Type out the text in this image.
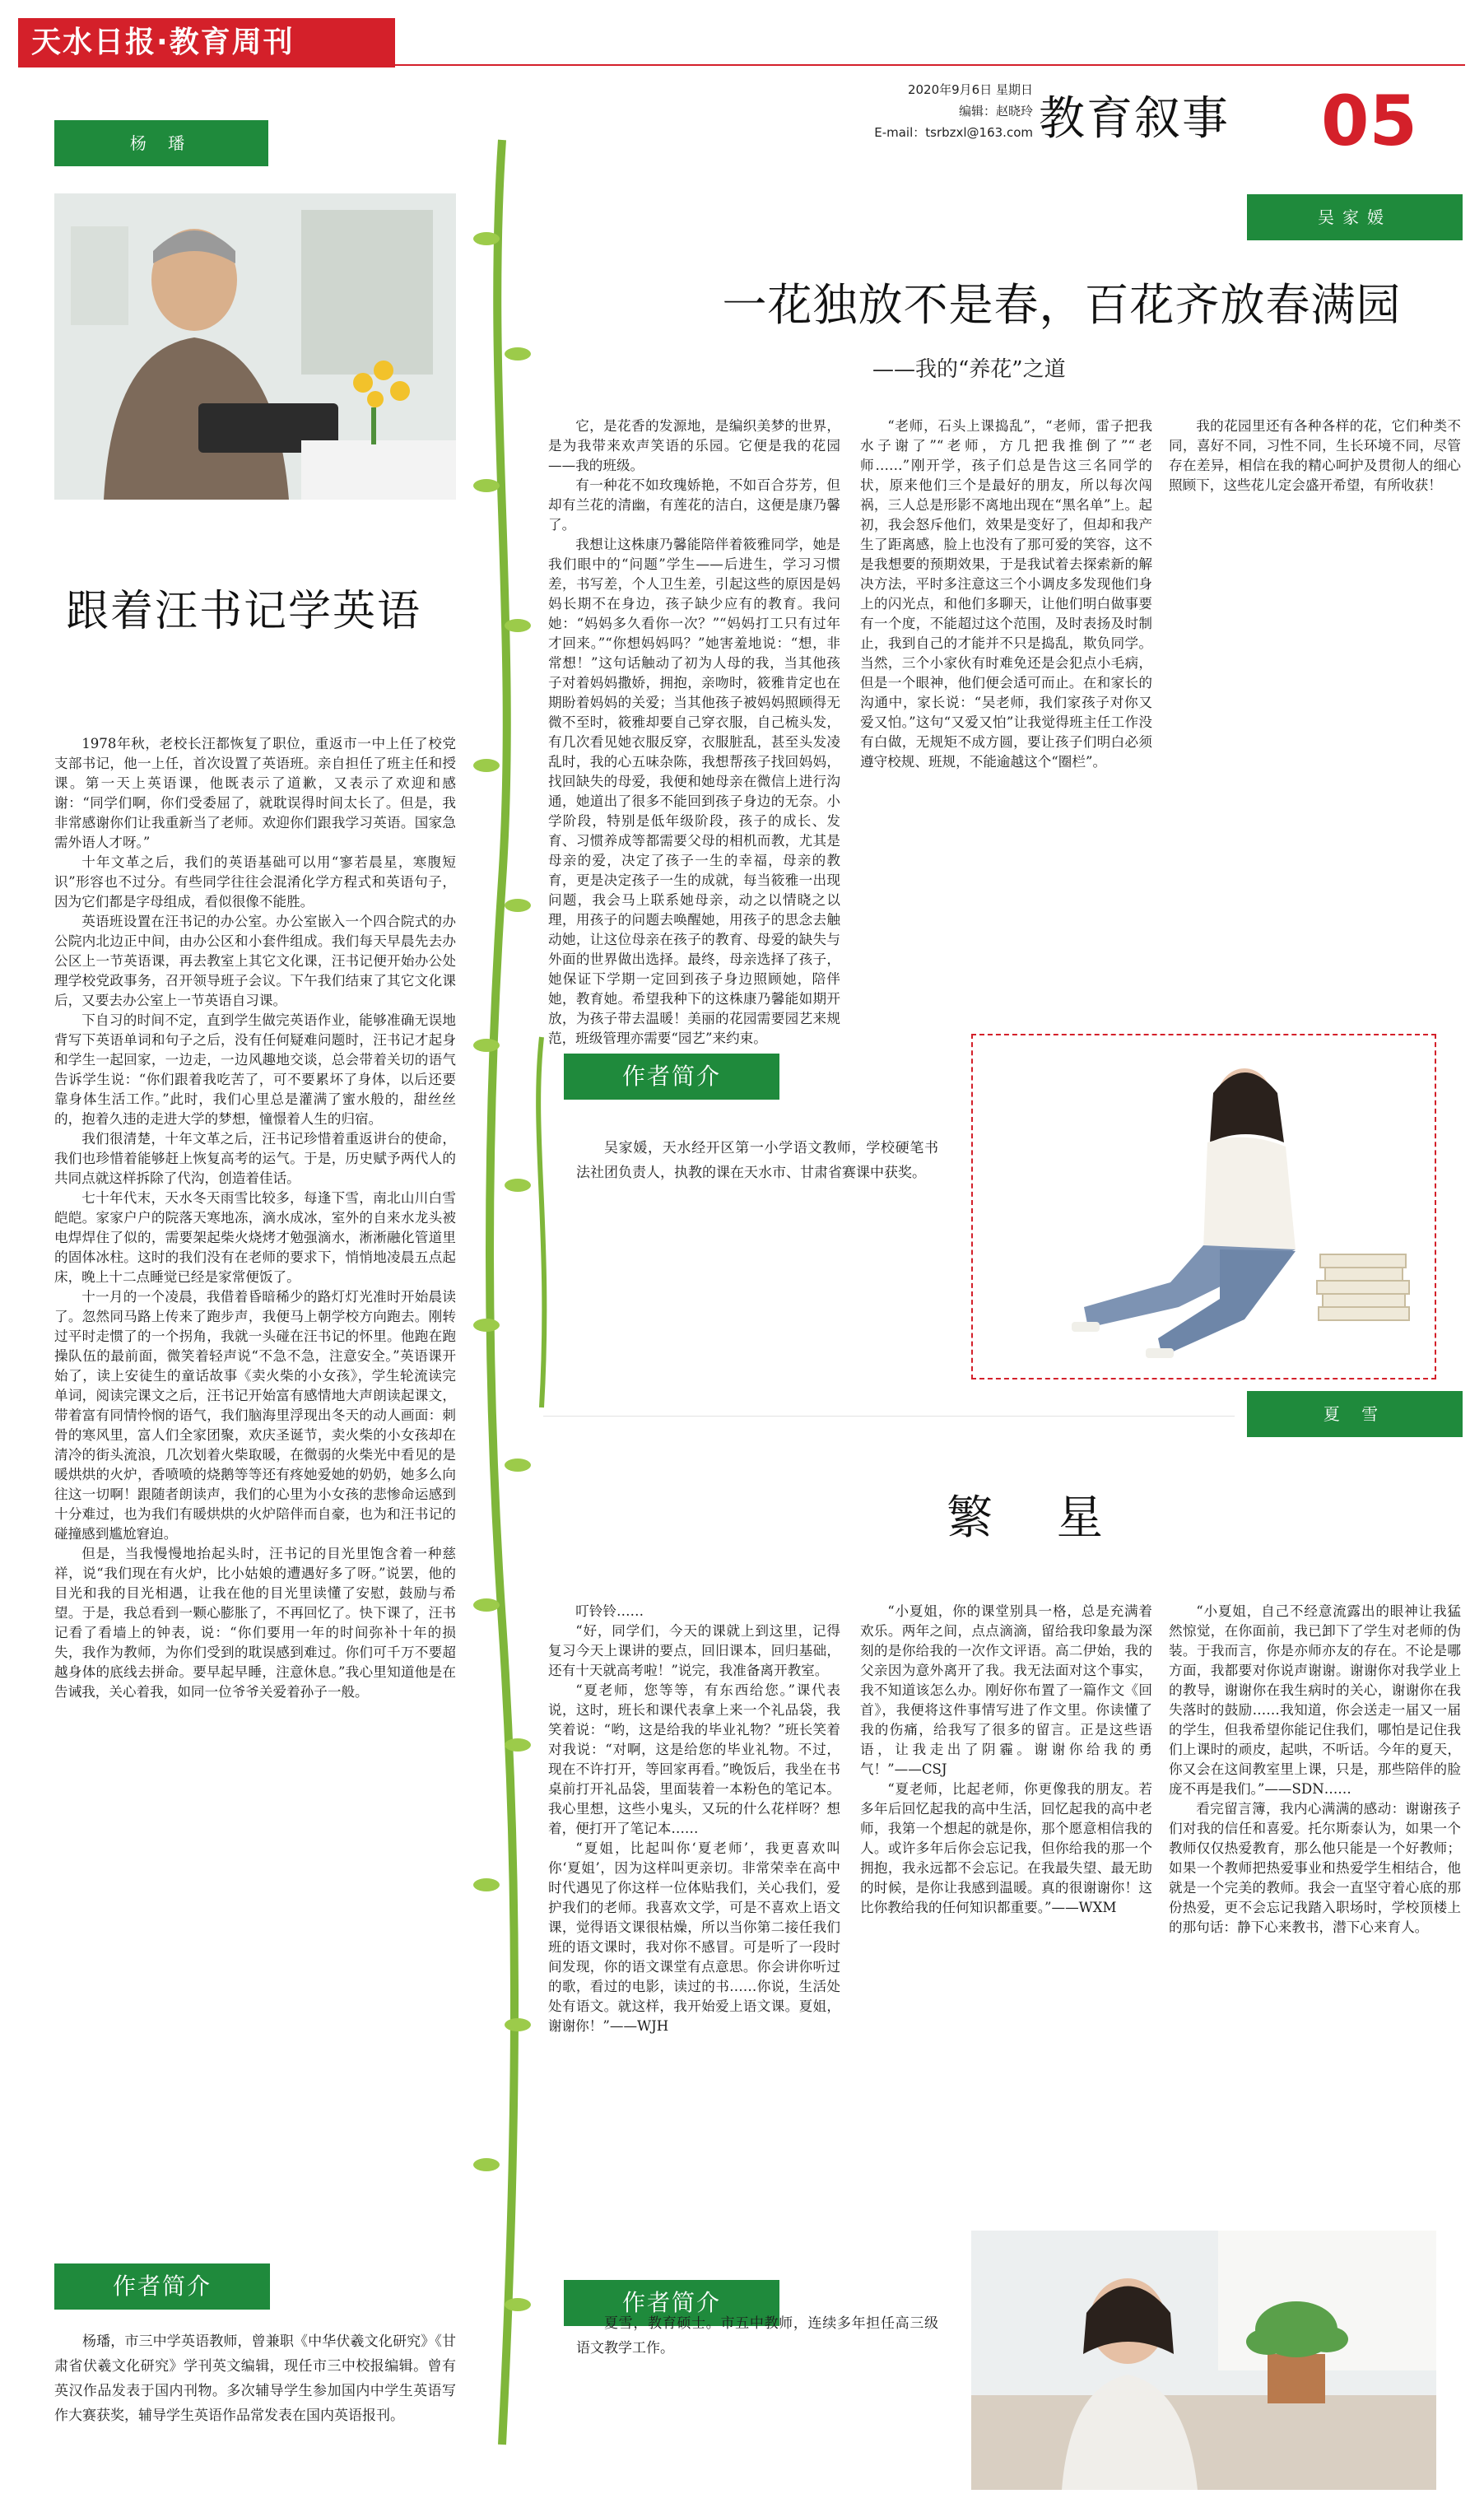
天水日报·教育周刊
2020年9月6日 星期日
编辑：赵晓玲
E-mail：tsrbzxl@163.com 教育叙事 05
杨 璠
跟着汪书记学英语

1978年秋，老校长汪都恢复了职位，重返市一中上任了校党支部书记，他一上任，首次设置了英语班。亲自担任了班主任和授课。第一天上英语课，他既表示了道歉，又表示了欢迎和感谢：“同学们啊，你们受委屈了，就耽误得时间太长了。但是，我非常感谢你们让我重新当了老师。欢迎你们跟我学习英语。国家急需外语人才呀。”

十年文革之后，我们的英语基础可以用“寥若晨星，寒腹短识”形容也不过分。有些同学往往会混淆化学方程式和英语句子，因为它们都是字母组成，看似很像不能胜。

英语班设置在汪书记的办公室。办公室嵌入一个四合院式的办公院内北边正中间，由办公区和小套件组成。我们每天早晨先去办公区上一节英语课，再去教室上其它文化课，汪书记便开始办公处理学校党政事务，召开领导班子会议。下午我们结束了其它文化课后，又要去办公室上一节英语自习课。

下自习的时间不定，直到学生做完英语作业，能够准确无误地背写下英语单词和句子之后，没有任何疑难问题时，汪书记才起身和学生一起回家，一边走，一边风趣地交谈，总会带着关切的语气告诉学生说：“你们跟着我吃苦了，可不要累坏了身体，以后还要靠身体生活工作。”此时，我们心里总是灌满了蜜水般的，甜丝丝的，抱着久违的走进大学的梦想，憧憬着人生的归宿。

我们很清楚，十年文革之后，汪书记珍惜着重返讲台的使命，我们也珍惜着能够赶上恢复高考的运气。于是，历史赋予两代人的共同点就这样拆除了代沟，创造着佳话。

七十年代末，天水冬天雨雪比较多，每逢下雪，南北山川白雪皑皑。家家户户的院落天寒地冻，滴水成冰，室外的自来水龙头被电焊焊住了似的，需要架起柴火烧烤才勉强滴水，淅淅融化管道里的固体冰柱。这时的我们没有在老师的要求下，悄悄地凌晨五点起床，晚上十二点睡觉已经是家常便饭了。

十一月的一个凌晨，我借着昏暗稀少的路灯灯光准时开始晨读了。忽然同马路上传来了跑步声，我便马上朝学校方向跑去。刚转过平时走惯了的一个拐角，我就一头碰在汪书记的怀里。他跑在跑操队伍的最前面，微笑着轻声说“不急不急，注意安全。”英语课开始了，读上安徒生的童话故事《卖火柴的小女孩》，学生轮流读完单词，阅读完课文之后，汪书记开始富有感情地大声朗读起课文，带着富有同情怜悯的语气，我们脑海里浮现出冬天的动人画面：刺骨的寒风里，富人们全家团聚，欢庆圣诞节，卖火柴的小女孩却在清冷的街头流浪，几次划着火柴取暖，在微弱的火柴光中看见的是暖烘烘的火炉，香喷喷的烧鹅等等还有疼她爱她的奶奶，她多么向往这一切啊！跟随者朗读声，我们的心里为小女孩的悲惨命运感到十分难过，也为我们有暖烘烘的火炉陪伴而自豪，也为和汪书记的碰撞感到尴尬窘迫。

但是，当我慢慢地抬起头时，汪书记的目光里饱含着一种慈祥，说“我们现在有火炉，比小姑娘的遭遇好多了呀。”说罢，他的目光和我的目光相遇，让我在他的目光里读懂了安慰，鼓励与希望。于是，我总看到一颗心膨胀了，不再回忆了。快下课了，汪书记看了看墙上的钟表，说：“你们要用一年的时间弥补十年的损失，我作为教师，为你们受到的耽误感到难过。你们可千万不要超越身体的底线去拼命。要早起早睡，注意休息。”我心里知道他是在告诫我，关心着我，如同一位爷爷关爱着孙子一般。

作者简介

杨璠，市三中学英语教师，曾兼职《中华伏羲文化研究》《甘肃省伏羲文化研究》学刊英文编辑，现任市三中校报编辑。曾有英汉作品发表于国内刊物。多次辅导学生参加国内中学生英语写作大赛获奖，辅导学生英语作品常发表在国内英语报刊。

吴家媛
一花独放不是春，百花齐放春满园
——我的“养花”之道

它，是花香的发源地，是编织美梦的世界，是为我带来欢声笑语的乐园。它便是我的花园——我的班级。

有一种花不如玫瑰娇艳，不如百合芬芳，但却有兰花的清幽，有莲花的洁白，这便是康乃馨了。

我想让这株康乃馨能陪伴着筱雅同学，她是我们眼中的“问题”学生——后进生，学习习惯差，书写差，个人卫生差，引起这些的原因是妈妈长期不在身边，孩子缺少应有的教育。我问她：“妈妈多久看你一次？”“妈妈打工只有过年才回来。”“你想妈妈吗？”她害羞地说：“想，非常想！”这句话触动了初为人母的我，当其他孩子对着妈妈撒娇，拥抱，亲吻时，筱雅肯定也在期盼着妈妈的关爱；当其他孩子被妈妈照顾得无微不至时，筱雅却要自己穿衣服，自己梳头发，有几次看见她衣服反穿，衣服脏乱，甚至头发凌乱时，我的心五味杂陈，我想帮孩子找回妈妈，找回缺失的母爱，我便和她母亲在微信上进行沟通，她道出了很多不能回到孩子身边的无奈。小学阶段，特别是低年级阶段，孩子的成长、发育、习惯养成等都需要父母的相机而教，尤其是母亲的爱，决定了孩子一生的幸福，母亲的教育，更是决定孩子一生的成就，每当筱雅一出现问题，我会马上联系她母亲，动之以情晓之以理，用孩子的问题去唤醒她，用孩子的思念去触动她，让这位母亲在孩子的教育、母爱的缺失与外面的世界做出选择。最终，母亲选择了孩子，她保证下学期一定回到孩子身边照顾她，陪伴她，教育她。希望我种下的这株康乃馨能如期开放，为孩子带去温暖！美丽的花园需要园艺来规范，班级管理亦需要“园艺”来约束。

“老师，石头上课捣乱”，“老师，雷子把我水子谢了”“老师，方几把我推倒了”“老师……”刚开学，孩子们总是告这三名同学的状，原来他们三个是最好的朋友，所以每次闯祸，三人总是形影不离地出现在“黑名单”上。起初，我会怒斥他们，效果是变好了，但却和我产生了距离感，脸上也没有了那可爱的笑容，这不是我想要的预期效果，于是我试着去探索新的解决方法，平时多注意这三个小调皮多发现他们身上的闪光点，和他们多聊天，让他们明白做事要有一个度，不能超过这个范围，及时表扬及时制止，我到自己的才能并不只是捣乱，欺负同学。当然，三个小家伙有时难免还是会犯点小毛病，但是一个眼神，他们便会适可而止。在和家长的沟通中，家长说：“吴老师，我们家孩子对你又爱又怕。”这句“又爱又怕”让我觉得班主任工作没有白做，无规矩不成方圆，要让孩子们明白必须遵守校规、班规，不能逾越这个“圈栏”。

我的花园里还有各种各样的花，它们种类不同，喜好不同，习性不同，生长环境不同，尽管存在差异，相信在我的精心呵护及贯彻人的细心照顾下，这些花儿定会盛开希望，有所收获！

作者简介

吴家媛，天水经开区第一小学语文教师，学校硬笔书法社团负责人，执教的课在天水市、甘肃省赛课中获奖。

夏 雪
繁 星

叮铃铃……

“好，同学们，今天的课就上到这里，记得复习今天上课讲的要点，回旧课本，回归基础，还有十天就高考啦！”说完，我准备离开教室。

“夏老师，您等等，有东西给您。”课代表说，这时，班长和课代表拿上来一个礼品袋，我笑着说：“哟，这是给我的毕业礼物？”班长笑着对我说：“对啊，这是给您的毕业礼物。不过，现在不许打开，等回家再看。”晚饭后，我坐在书桌前打开礼品袋，里面装着一本粉色的笔记本。我心里想，这些小鬼头，又玩的什么花样呀？想着，便打开了笔记本……

“夏姐，比起叫你‘夏老师’，我更喜欢叫你‘夏姐’，因为这样叫更亲切。非常荣幸在高中时代遇见了你这样一位体贴我们，关心我们，爱护我们的老师。我喜欢文学，可是不喜欢上语文课，觉得语文课很枯燥，所以当你第二接任我们班的语文课时，我对你不感冒。可是听了一段时间发现，你的语文课堂有点意思。你会讲你听过的歌，看过的电影，读过的书……你说，生活处处有语文。就这样，我开始爱上语文课。夏姐，谢谢你！”——WJH

“小夏姐，你的课堂别具一格，总是充满着欢乐。两年之间，点点滴滴，留给我印象最为深刻的是你给我的一次作文评语。高二伊始，我的父亲因为意外离开了我。我无法面对这个事实，我不知道该怎么办。刚好你布置了一篇作文《回首》，我便将这件事情写进了作文里。你读懂了我的伤痛，给我写了很多的留言。正是这些语语，让我走出了阴霾。谢谢你给我的勇气！”——CSJ

“夏老师，比起老师，你更像我的朋友。若多年后回忆起我的高中生活，回忆起我的高中老师，我第一个想起的就是你，那个愿意相信我的人。或许多年后你会忘记我，但你给我的那一个拥抱，我永远都不会忘记。在我最失望、最无助的时候，是你让我感到温暖。真的很谢谢你！这比你教给我的任何知识都重要。”——WXM

“小夏姐，自己不经意流露出的眼神让我猛然惊觉，在你面前，我已卸下了学生对老师的伪装。于我而言，你是亦师亦友的存在。不论是哪方面，我都要对你说声谢谢。谢谢你对我学业上的教导，谢谢你在我生病时的关心，谢谢你在我失落时的鼓励……我知道，你会送走一届又一届的学生，但我希望你能记住我们，哪怕是记住我们上课时的顽皮，起哄，不听话。今年的夏天，你又会在这间教室里上课，只是，那些陪伴的脸庞不再是我们。”——SDN……

看完留言簿，我内心满满的感动：谢谢孩子们对我的信任和喜爱。托尔斯泰认为，如果一个教师仅仅热爱教育，那么他只能是一个好教师；如果一个教师把热爱事业和热爱学生相结合，他就是一个完美的教师。我会一直坚守着心底的那份热爱，更不会忘记我踏入职场时，学校顶楼上的那句话：静下心来教书，潜下心来育人。

作者简介

夏雪，教育硕士。市五中教师，连续多年担任高三级语文教学工作。
